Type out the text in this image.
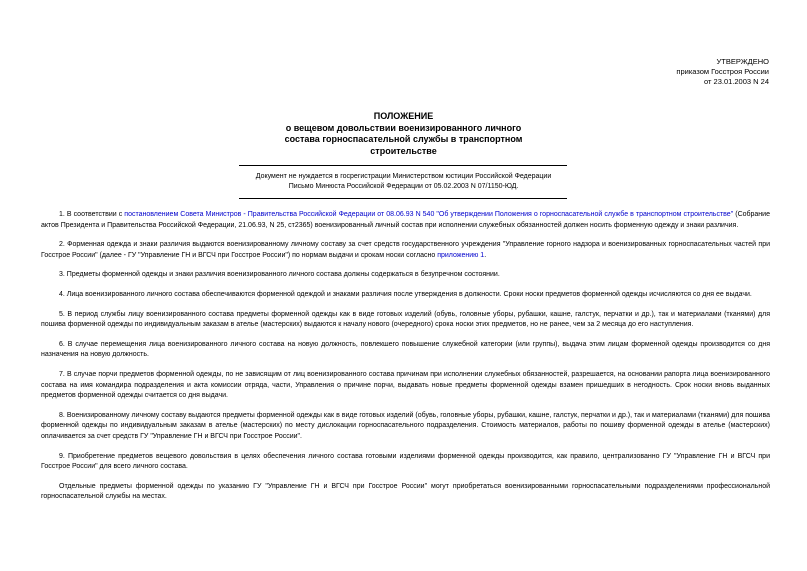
УТВЕРЖДЕНО
приказом Госстроя России
от 23.01.2003 N 24
ПОЛОЖЕНИЕ
о вещевом довольствии военизированного личного
состава горноспасательной службы в транспортном
строительстве
Документ не нуждается в госрегистрации Министерством юстиции Российской Федерации
Письмо Минюста Российской Федерации от 05.02.2003 N 07/1150-ЮД.

1. В соответствии с постановлением Совета Министров - Правительства Российской Федерации от 08.06.93 N 540 "Об утверждении Положения о горноспасательной службе в транспортном строительстве" (Собрание актов Президента и Правительства Российской Федерации, 21.06.93, N 25, ст2365) военизированный личный состав при исполнении служебных обязанностей должен носить форменную одежду и знаки различия.

2. Форменная одежда и знаки различия выдаются военизированному личному составу за счет средств государственного учреждения "Управление горного надзора и военизированных горноспасательных частей при Госстрое России" (далее - ГУ "Управление ГН и ВГСЧ при Госстрое России") по нормам выдачи и срокам носки согласно приложению 1.

3. Предметы форменной одежды и знаки различия военизированного личного состава должны содержаться в безупречном состоянии.

4. Лица военизированного личного состава обеспечиваются форменной одеждой и знаками различия после утверждения в должности. Сроки носки предметов форменной одежды исчисляются со дня ее выдачи.

5. В период службы лицу военизированного состава предметы форменной одежды как в виде готовых изделий (обувь, головные уборы, рубашки, кашне, галстук, перчатки и др.), так и материалами (тканями) для пошива форменной одежды по индивидуальным заказам в ателье (мастерских) выдаются к началу нового (очередного) срока носки этих предметов, но не ранее, чем за 2 месяца до его наступления.

6. В случае перемещения лица военизированного личного состава на новую должность, повлекшего повышение служебной категории (или группы), выдача этим лицам форменной одежды производится со дня назначения на новую должность.

7. В случае порчи предметов форменной одежды, по не зависящим от лиц военизированного состава причинам при исполнении служебных обязанностей, разрешается, на основании рапорта лица военизированного состава на имя командира подразделения и акта комиссии отряда, части, Управления о причине порчи, выдавать новые предметы форменной одежды взамен пришедших в негодность. Срок носки вновь выданных предметов форменной одежды считается со дня выдачи.

8. Военизированному личному составу выдаются предметы форменной одежды как в виде готовых изделий (обувь, головные уборы, рубашки, кашне, галстук, перчатки и др.), так и материалами (тканями) для пошива форменной одежды по индивидуальным заказам в ателье (мастерских) по месту дислокации горноспасательного подразделения. Стоимость материалов, работы по пошиву форменной одежды в ателье (мастерских) оплачивается за счет средств ГУ "Управление ГН и ВГСЧ при Госстрое России".

9. Приобретение предметов вещевого довольствия в целях обеспечения личного состава готовыми изделиями форменной одежды производится, как правило, централизованно ГУ "Управление ГН и ВГСЧ при Госстрое России" для всего личного состава.

Отдельные предметы форменной одежды по указанию ГУ "Управление ГН и ВГСЧ при Госстрое России" могут приобретаться военизированными горноспасательными подразделениями профессиональной горноспасательной службы на местах.
